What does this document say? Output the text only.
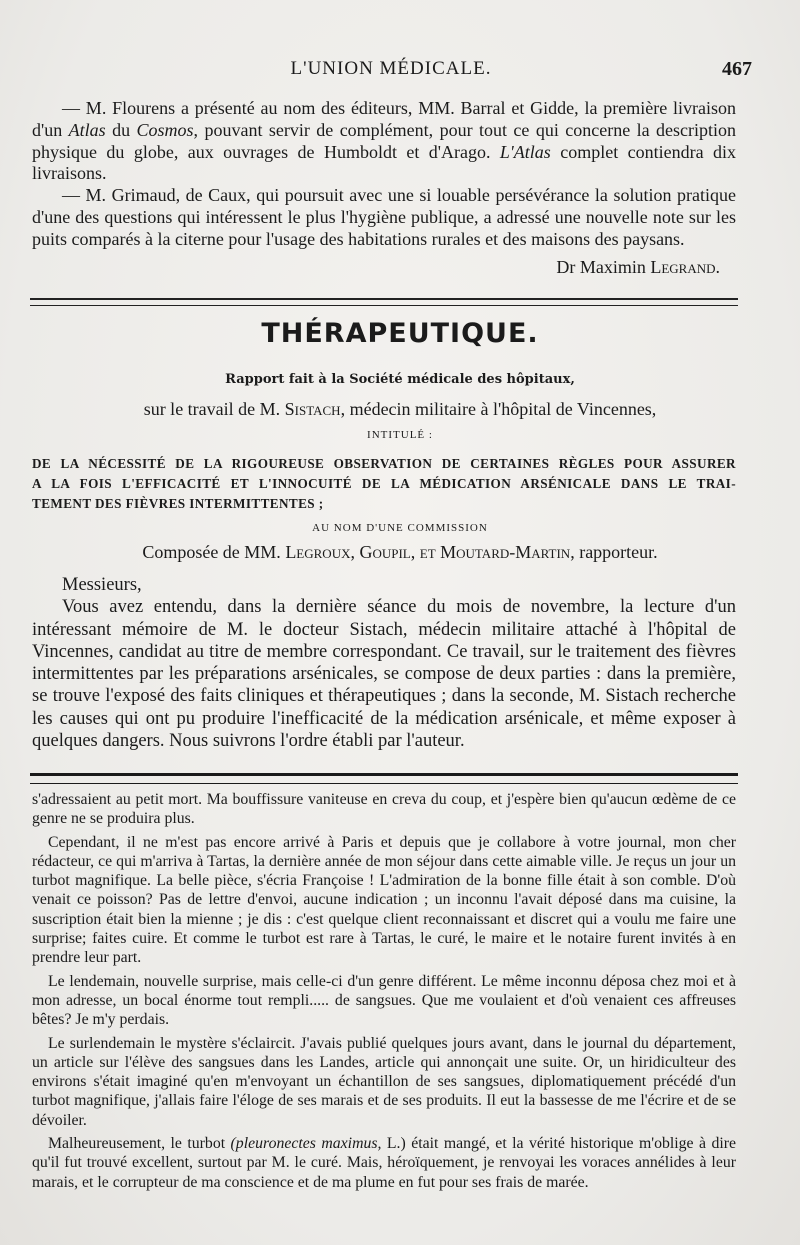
L'UNION MÉDICALE.	467

— M. Flourens a présenté au nom des éditeurs, MM. Barral et Gidde, la première livraison d'un Atlas du Cosmos, pouvant servir de complément, pour tout ce qui concerne la description physique du globe, aux ouvrages de Humboldt et d'Arago. L'Atlas complet contiendra dix livraisons.

— M. Grimaud, de Caux, qui poursuit avec une si louable persévérance la solution pratique d'une des questions qui intéressent le plus l'hygiène publique, a adressé une nouvelle note sur les puits comparés à la citerne pour l'usage des habitations rurales et des maisons des paysans.

Dr Maximin Legrand.

THÉRAPEUTIQUE.
Rapport fait à la Société médicale des hôpitaux,
sur le travail de M. Sistach, médecin militaire à l'hôpital de Vincennes,
INTITULÉ :
DE LA NÉCESSITÉ DE LA RIGOUREUSE OBSERVATION DE CERTAINES RÈGLES POUR ASSURER
A LA FOIS L'EFFICACITÉ ET L'INNOCUITÉ DE LA MÉDICATION ARSÉNICALE DANS LE TRAI-
TEMENT DES FIÈVRES INTERMITTENTES ;
AU NOM D'UNE COMMISSION
Composée de MM. Legroux, Goupil, et Moutard-Martin, rapporteur.

Messieurs,

Vous avez entendu, dans la dernière séance du mois de novembre, la lecture d'un intéressant mémoire de M. le docteur Sistach, médecin militaire attaché à l'hôpital de Vincennes, candidat au titre de membre correspondant. Ce travail, sur le traitement des fièvres intermittentes par les préparations arsénicales, se compose de deux parties : dans la première, se trouve l'exposé des faits cliniques et thérapeutiques ; dans la seconde, M. Sistach recherche les causes qui ont pu produire l'inefficacité de la médication arsénicale, et même exposer à quelques dangers. Nous suivrons l'ordre établi par l'auteur.

s'adressaient au petit mort. Ma bouffissure vaniteuse en creva du coup, et j'espère bien qu'aucun œdème de ce genre ne se produira plus.

Cependant, il ne m'est pas encore arrivé à Paris et depuis que je collabore à votre journal, mon cher rédacteur, ce qui m'arriva à Tartas, la dernière année de mon séjour dans cette aimable ville. Je reçus un jour un turbot magnifique. La belle pièce, s'écria Françoise ! L'admiration de la bonne fille était à son comble. D'où venait ce poisson? Pas de lettre d'envoi, aucune indication ; un inconnu l'avait déposé dans ma cuisine, la suscription était bien la mienne ; je dis : c'est quelque client reconnaissant et discret qui a voulu me faire une surprise; faites cuire. Et comme le turbot est rare à Tartas, le curé, le maire et le notaire furent invités à en prendre leur part.

Le lendemain, nouvelle surprise, mais celle-ci d'un genre différent. Le même inconnu déposa chez moi et à mon adresse, un bocal énorme tout rempli..... de sangsues. Que me voulaient et d'où venaient ces affreuses bêtes? Je m'y perdais.

Le surlendemain le mystère s'éclaircit. J'avais publié quelques jours avant, dans le journal du département, un article sur l'élève des sangsues dans les Landes, article qui annonçait une suite. Or, un hiridiculteur des environs s'était imaginé qu'en m'envoyant un échantillon de ses sangsues, diplomatiquement précédé d'un turbot magnifique, j'allais faire l'éloge de ses marais et de ses produits. Il eut la bassesse de me l'écrire et de se dévoiler.

Malheureusement, le turbot (pleuronectes maximus, L.) était mangé, et la vérité historique m'oblige à dire qu'il fut trouvé excellent, surtout par M. le curé. Mais, héroïquement, je renvoyai les voraces annélides à leur marais, et le corrupteur de ma conscience et de ma plume en fut pour ses frais de marée.
